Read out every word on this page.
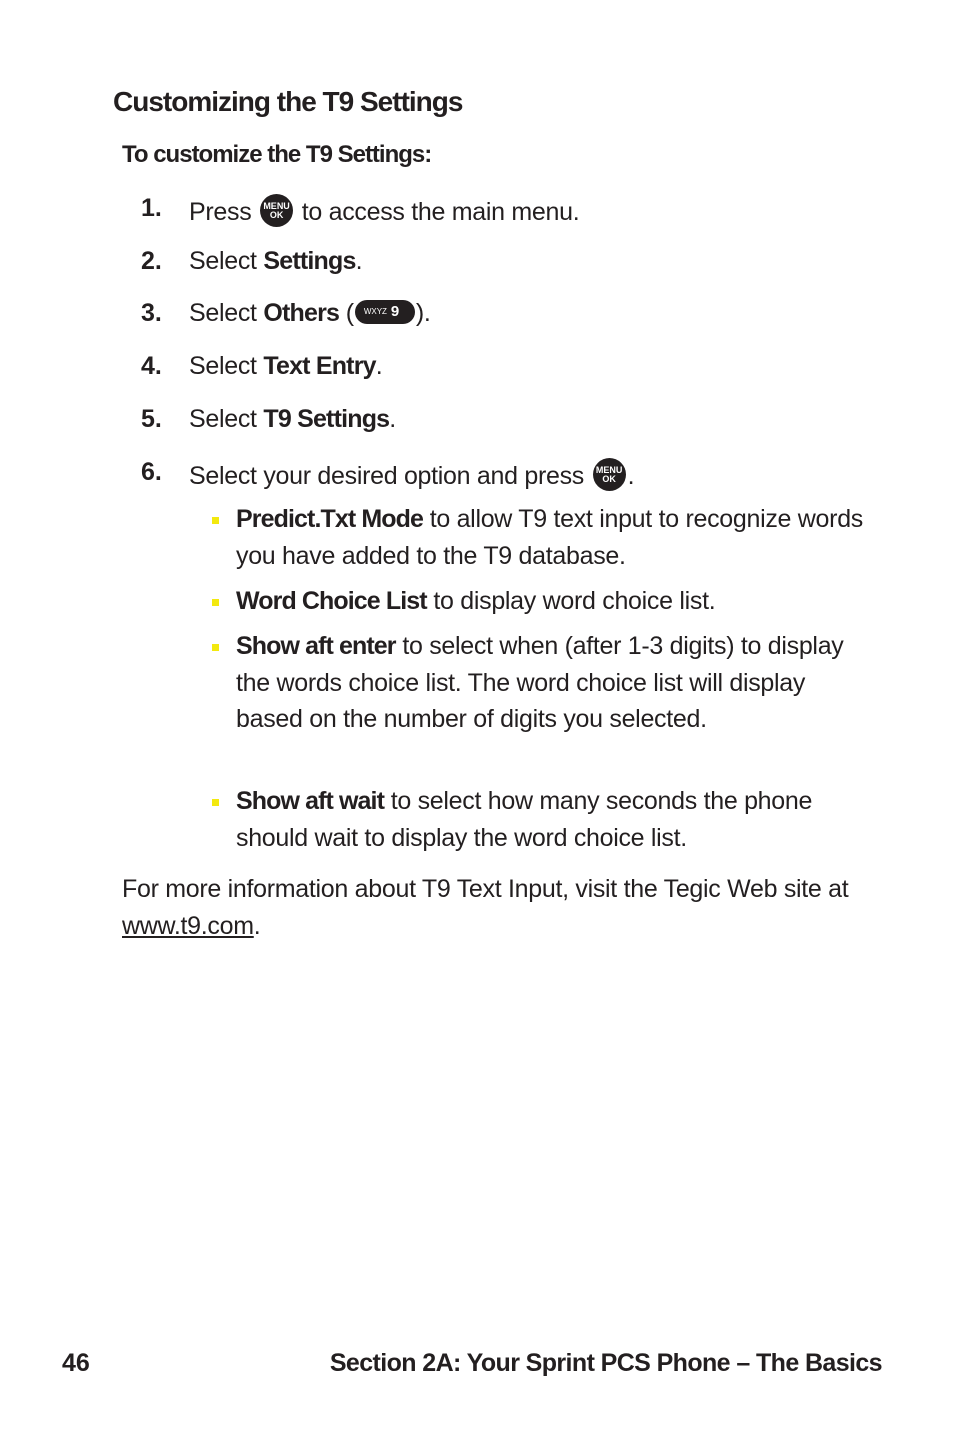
Customizing the T9 Settings
To customize the T9 Settings:
1. Press	MENU
OK to access the main menu.
2. Select Settings.
3. Select Others ( WXYZ 9 ).
4. Select Text Entry.
5. Select T9 Settings.
6. Select your desired option and press	MENU
OK .
Predict.Txt Mode to allow T9 text input to recognize words you have added to the T9 database.
Word Choice List to display word choice list.
Show aft enter to select when (after 1-3 digits) to display the words choice list. The word choice list will display based on the number of digits you selected.
Show aft wait to select how many seconds the phone should wait to display the word choice list.
For more information about T9 Text Input, visit the Tegic Web site at www.t9.com.
46	Section 2A: Your Sprint PCS Phone – The Basics
